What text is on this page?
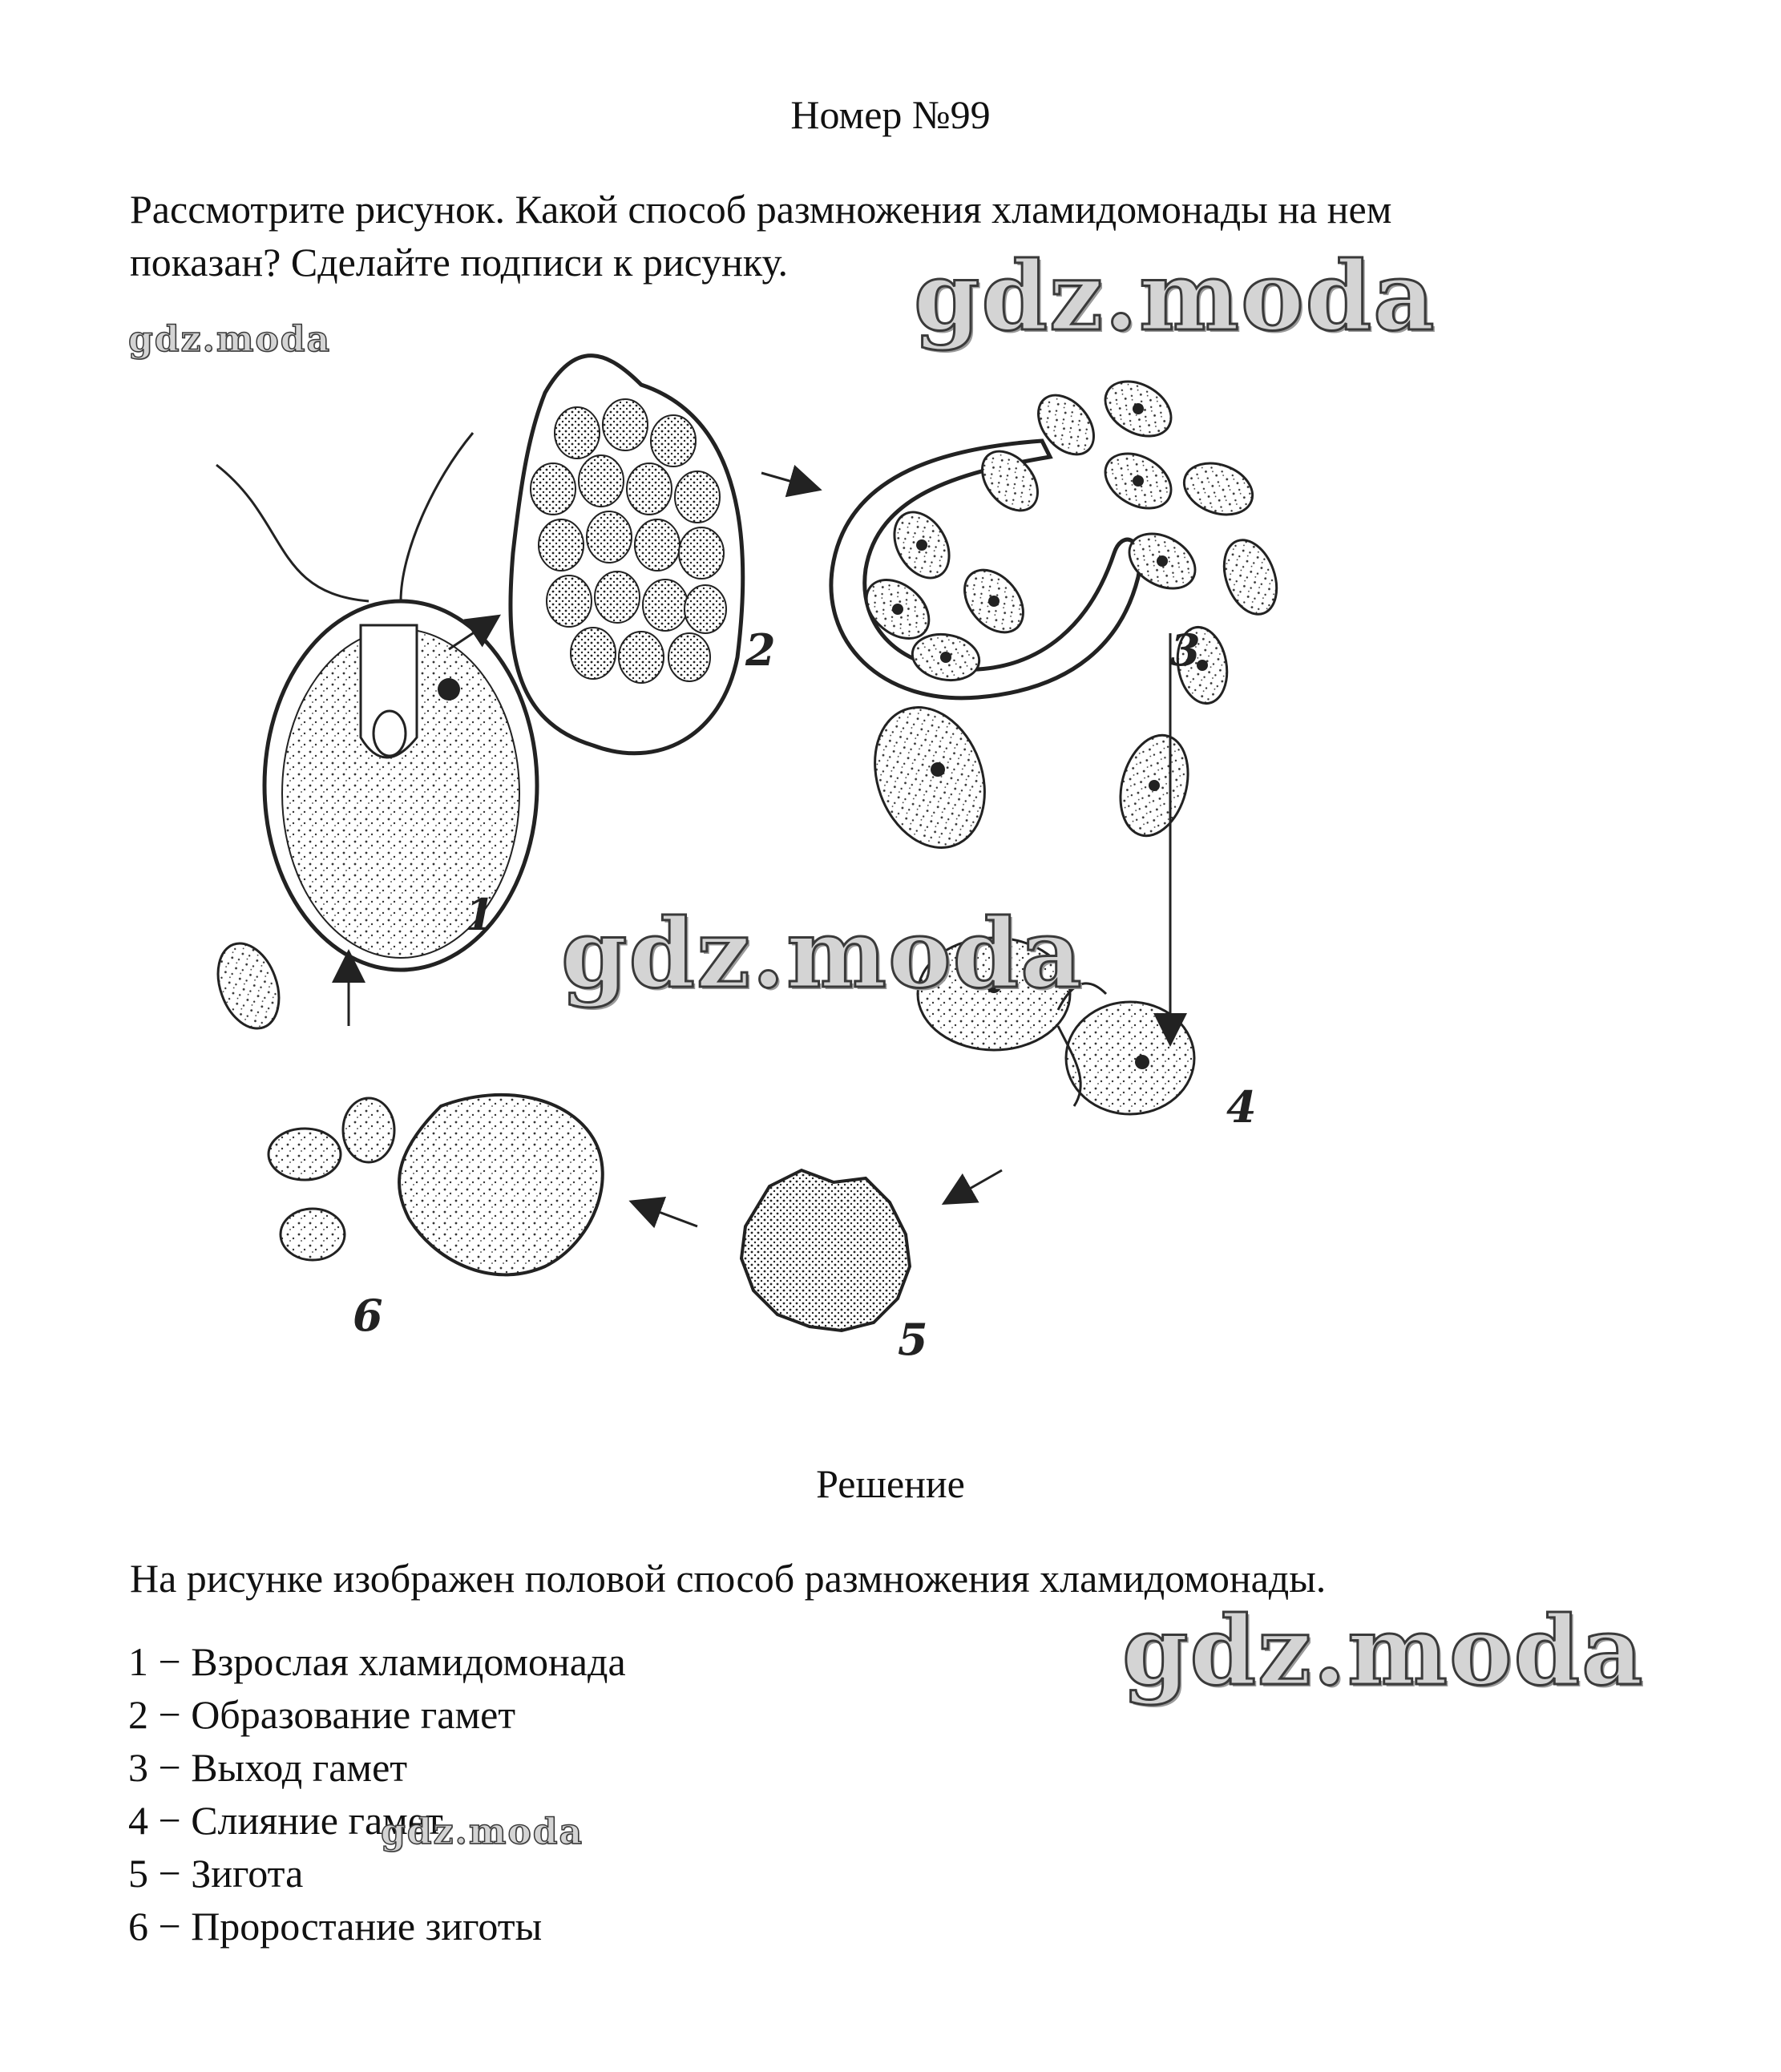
Номер №99
Рассмотрите рисунок. Какой способ размножения хламидомонады на нем
показан? Сделайте подписи к рисунку.
gdz.moda	gdz.moda
1
2	3
4
5
6
gdz.moda
Решение
На рисунке изображен половой способ размножения хламидомонады.
1 − Взрослая хламидомонада
2 − Образование гамет
3 − Выход гамет
4 − Слияние гамет
5 − Зигота
6 − Проростание зиготы
gdz.moda
gdz.moda
